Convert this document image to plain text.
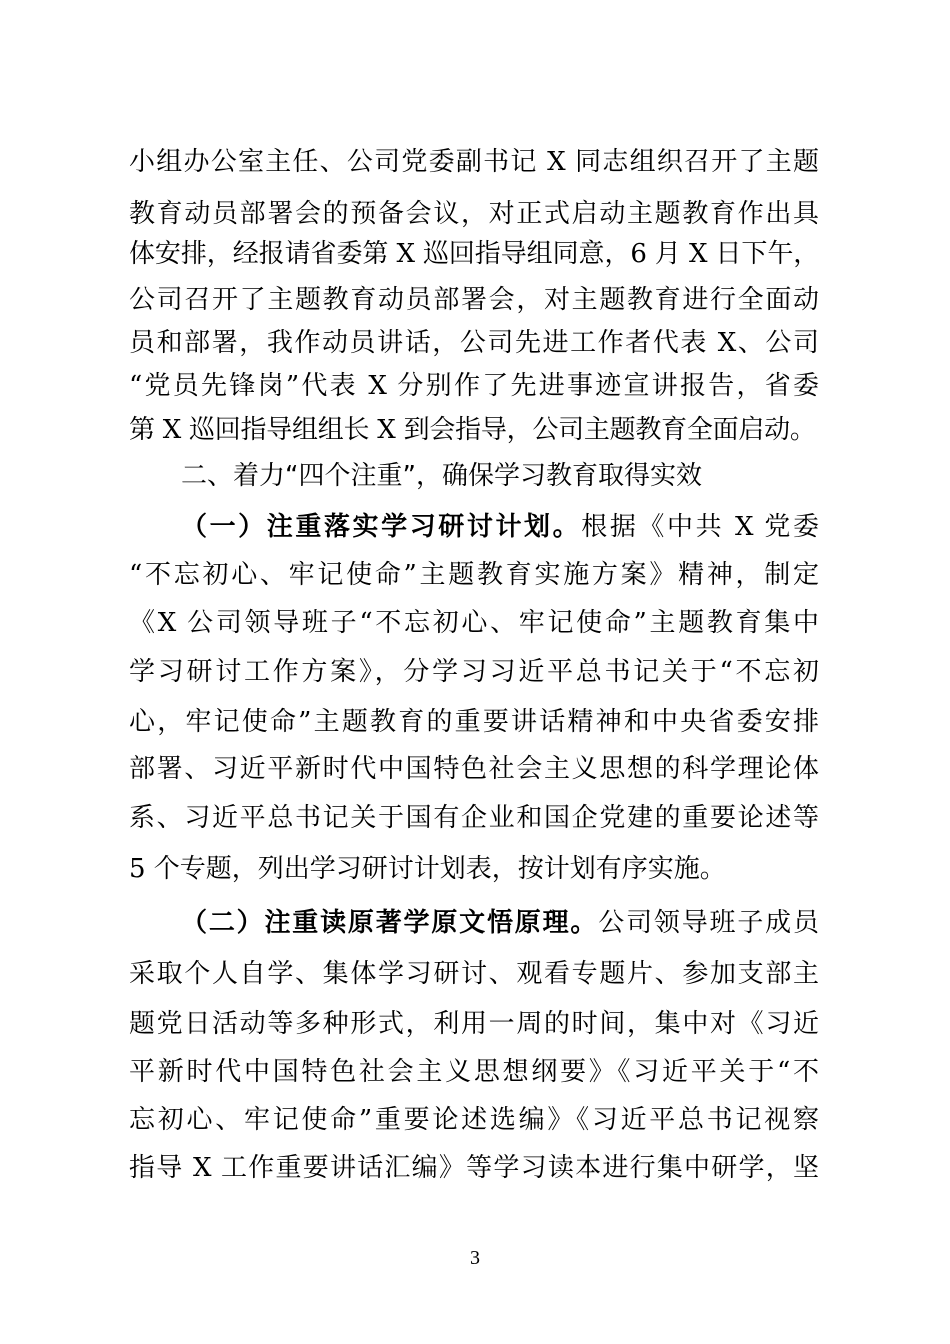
小组办公室主任、公司党委副书记 X 同志组织召开了主题
教育动员部署会的预备会议，对正式启动主题教育作出具
体安排，经报请省委第 X 巡回指导组同意，6 月 X 日下午，
公司召开了主题教育动员部署会，对主题教育进行全面动
员和部署，我作动员讲话，公司先进工作者代表 X、公司
“党员先锋岗”代表 X 分别作了先进事迹宣讲报告，省委
第 X 巡回指导组组长 X 到会指导，公司主题教育全面启动。
二、着力“四个注重”，确保学习教育取得实效
（一）注重落实学习研讨计划。根据《中共 X 党委
“不忘初心、牢记使命”主题教育实施方案》精神，制定
《X 公司领导班子“不忘初心、牢记使命”主题教育集中
学习研讨工作方案》，分学习习近平总书记关于“不忘初
心，牢记使命”主题教育的重要讲话精神和中央省委安排
部署、习近平新时代中国特色社会主义思想的科学理论体
系、习近平总书记关于国有企业和国企党建的重要论述等
5 个专题，列出学习研讨计划表，按计划有序实施。
（二）注重读原著学原文悟原理。公司领导班子成员
采取个人自学、集体学习研讨、观看专题片、参加支部主
题党日活动等多种形式，利用一周的时间，集中对《习近
平新时代中国特色社会主义思想纲要》《习近平关于“不
忘初心、牢记使命”重要论述选编》《习近平总书记视察
指导 X 工作重要讲话汇编》等学习读本进行集中研学，坚
3
